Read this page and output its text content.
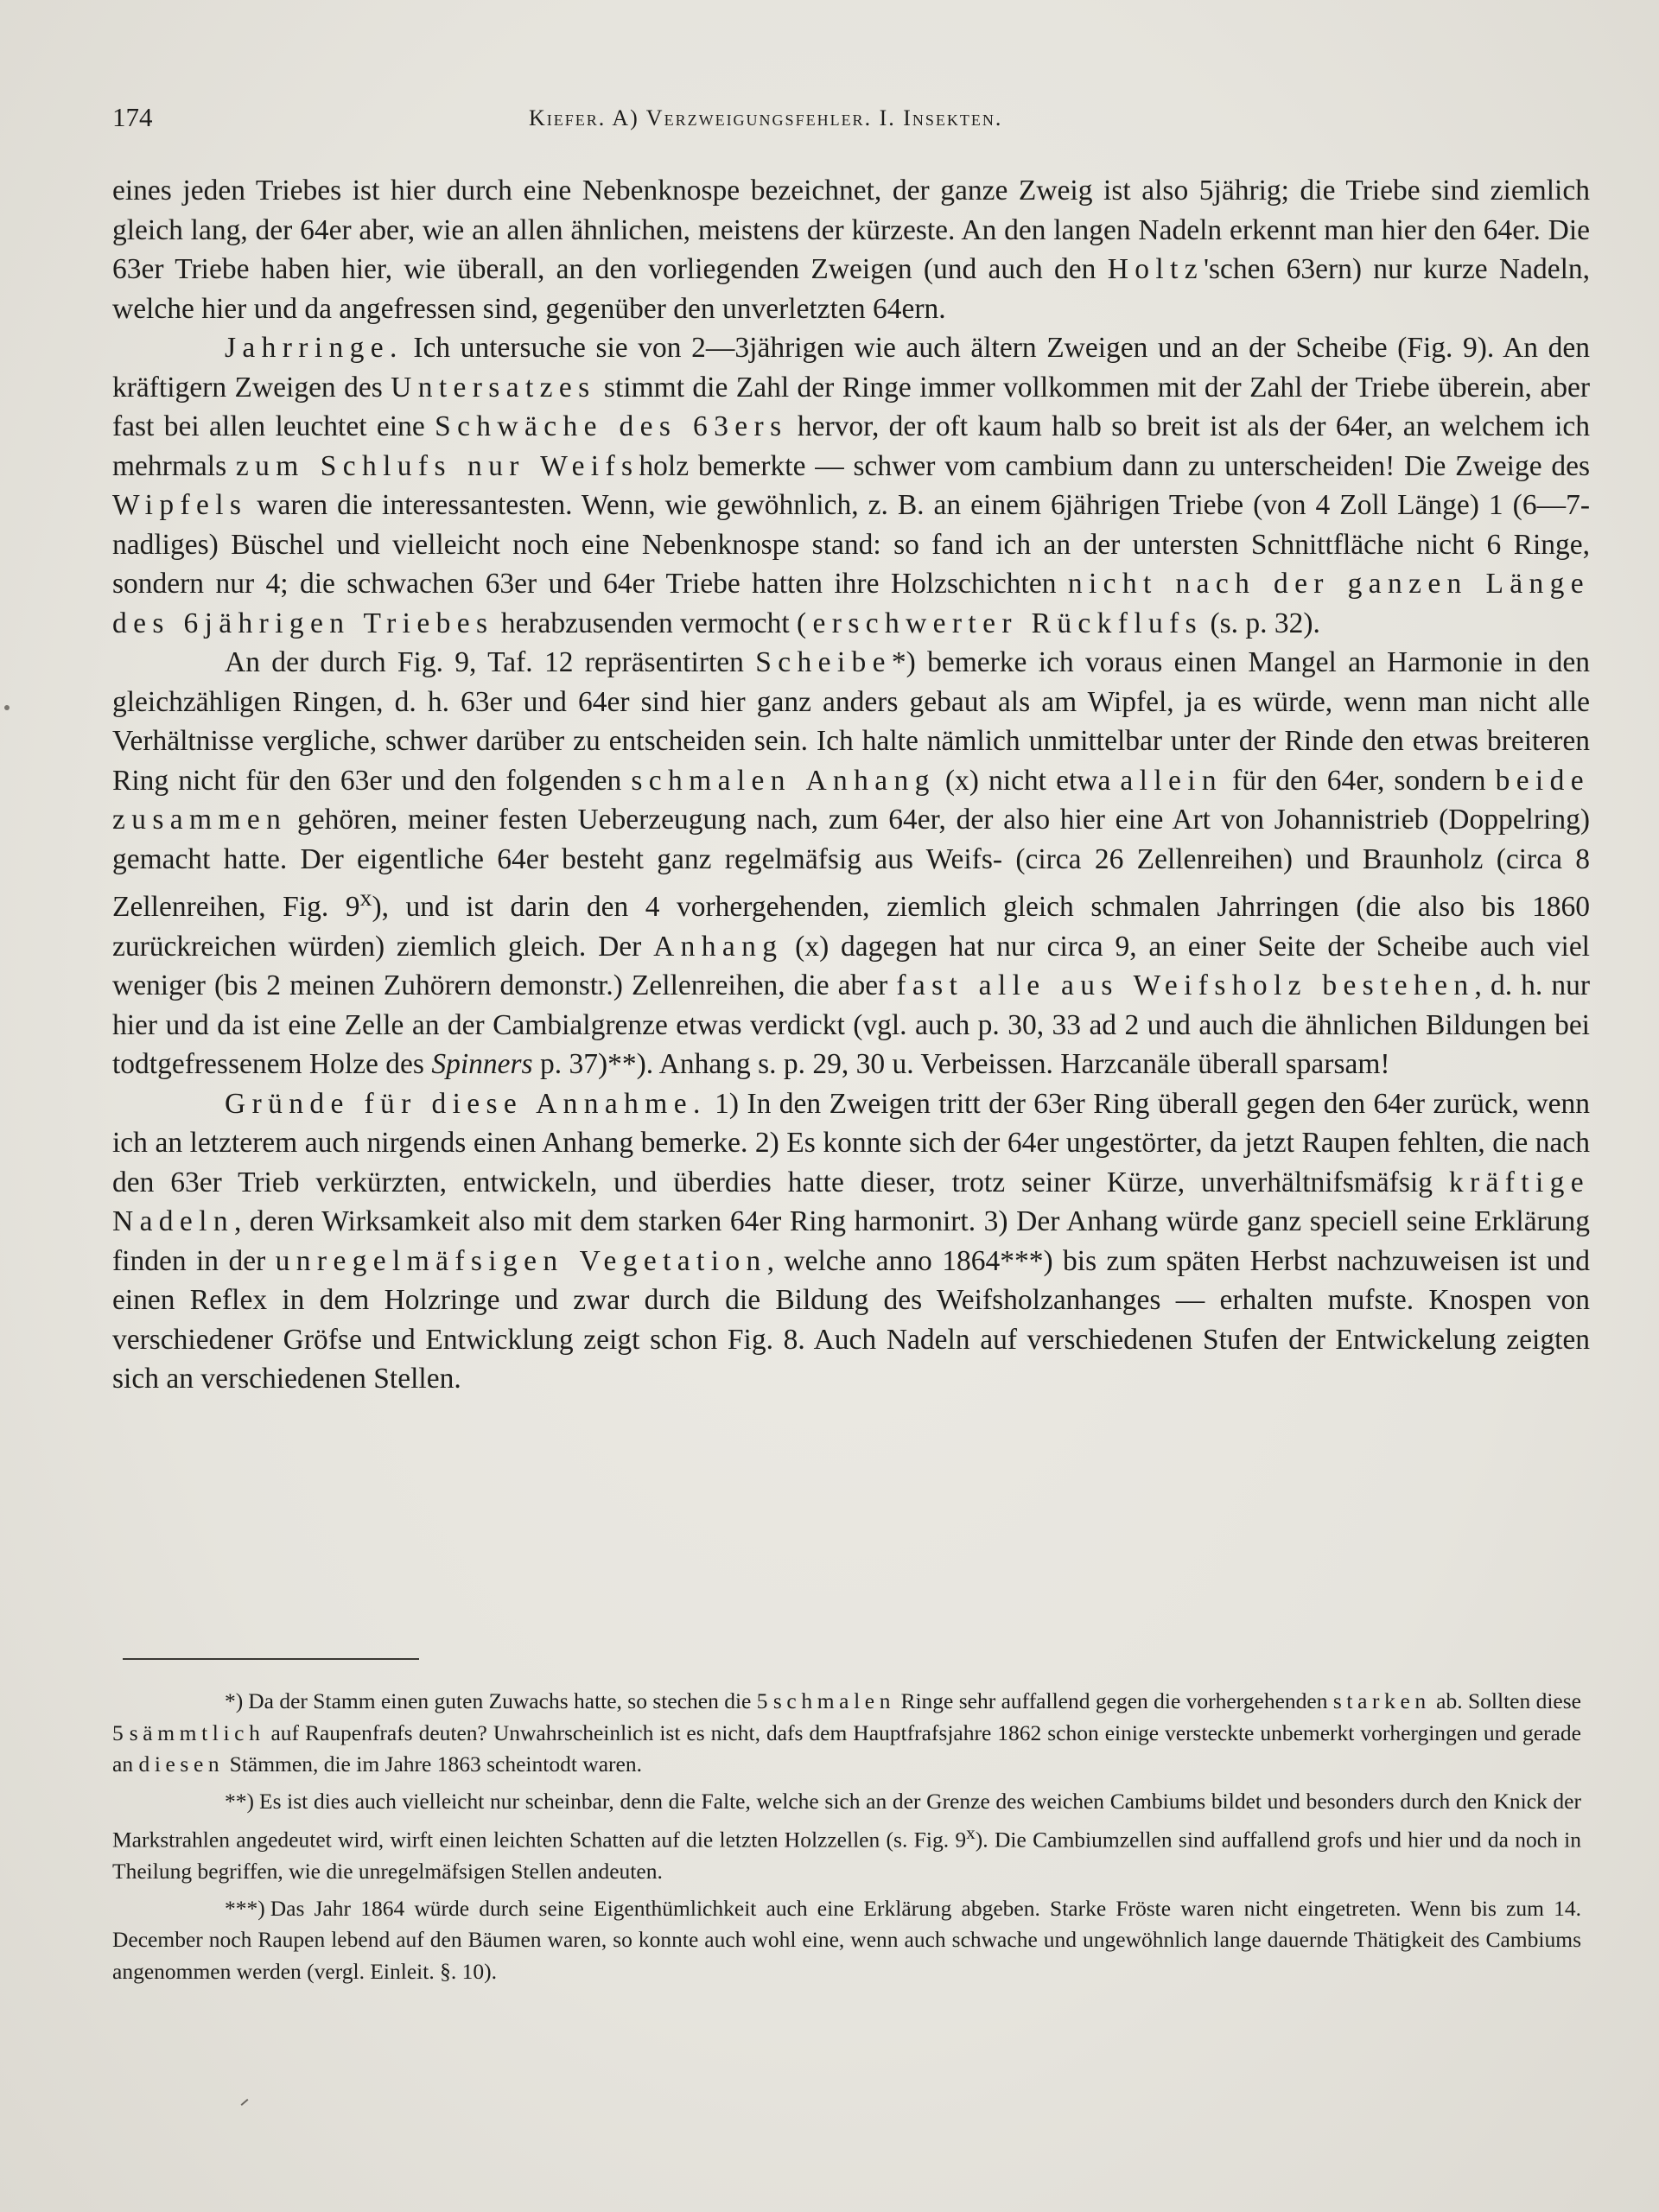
174	Kiefer. A) Verzweigungsfehler. I. Insekten.

eines jeden Triebes ist hier durch eine Nebenknospe bezeichnet, der ganze Zweig ist also 5jährig; die Triebe sind ziemlich gleich lang, der 64er aber, wie an allen ähnlichen, meistens der kürzeste. An den langen Nadeln erkennt man hier den 64er. Die 63er Triebe haben hier, wie überall, an den vorliegenden Zweigen (und auch den Holtz'schen 63ern) nur kurze Nadeln, welche hier und da angefressen sind, gegenüber den unverletzten 64ern.

Jahrringe. Ich untersuche sie von 2—3jährigen wie auch ältern Zweigen und an der Scheibe (Fig. 9). An den kräftigern Zweigen des Untersatzes stimmt die Zahl der Ringe immer vollkommen mit der Zahl der Triebe überein, aber fast bei allen leuchtet eine Schwäche des 63ers hervor, der oft kaum halb so breit ist als der 64er, an welchem ich mehrmals zum Schlufs nur Weifsholz bemerkte — schwer vom cambium dann zu unterscheiden! Die Zweige des Wipfels waren die interessantesten. Wenn, wie gewöhnlich, z. B. an einem 6jährigen Triebe (von 4 Zoll Länge) 1 (6—7nadliges) Büschel und vielleicht noch eine Nebenknospe stand: so fand ich an der untersten Schnittfläche nicht 6 Ringe, sondern nur 4; die schwachen 63er und 64er Triebe hatten ihre Holzschichten nicht nach der ganzen Länge des 6jährigen Triebes herabzusenden vermocht (erschwerter Rückflufs (s. p. 32).

An der durch Fig. 9, Taf. 12 repräsentirten Scheibe*) bemerke ich voraus einen Mangel an Harmonie in den gleichzähligen Ringen, d. h. 63er und 64er sind hier ganz anders gebaut als am Wipfel, ja es würde, wenn man nicht alle Verhältnisse vergliche, schwer darüber zu entscheiden sein. Ich halte nämlich unmittelbar unter der Rinde den etwas breiteren Ring nicht für den 63er und den folgenden schmalen Anhang (x) nicht etwa allein für den 64er, sondern beide zusammen gehören, meiner festen Ueberzeugung nach, zum 64er, der also hier eine Art von Johannistrieb (Doppelring) gemacht hatte. Der eigentliche 64er besteht ganz regelmäfsig aus Weifs- (circa 26 Zellenreihen) und Braunholz (circa 8 Zellenreihen, Fig. 9$^x$), und ist darin den 4 vorhergehenden, ziemlich gleich schmalen Jahrringen (die also bis 1860 zurückreichen würden) ziemlich gleich. Der Anhang (x) dagegen hat nur circa 9, an einer Seite der Scheibe auch viel weniger (bis 2 meinen Zuhörern demonstr.) Zellenreihen, die aber fast alle aus Weifsholz bestehen, d. h. nur hier und da ist eine Zelle an der Cambialgrenze etwas verdickt (vgl. auch p. 30, 33 ad 2 und auch die ähnlichen Bildungen bei todtgefressenem Holze des Spinners p. 37)**). Anhang s. p. 29, 30 u. Verbeissen. Harzcanäle überall sparsam!

Gründe für diese Annahme. 1) In den Zweigen tritt der 63er Ring überall gegen den 64er zurück, wenn ich an letzterem auch nirgends einen Anhang bemerke. 2) Es konnte sich der 64er ungestörter, da jetzt Raupen fehlten, die nach den 63er Trieb verkürzten, entwickeln, und überdies hatte dieser, trotz seiner Kürze, unverhältnifsmäfsig kräftige Nadeln, deren Wirksamkeit also mit dem starken 64er Ring harmonirt. 3) Der Anhang würde ganz speciell seine Erklärung finden in der unregelmäfsigen Vegetation, welche anno 1864***) bis zum späten Herbst nachzuweisen ist und einen Reflex in dem Holzringe und zwar durch die Bildung des Weifsholzanhanges — erhalten mufste. Knospen von verschiedener Gröfse und Entwicklung zeigt schon Fig. 8. Auch Nadeln auf verschiedenen Stufen der Entwickelung zeigten sich an verschiedenen Stellen.

*) Da der Stamm einen guten Zuwachs hatte, so stechen die 5 schmalen Ringe sehr auffallend gegen die vorhergehenden starken ab. Sollten diese 5 sämmtlich auf Raupenfrafs deuten? Unwahrscheinlich ist es nicht, dafs dem Hauptfrafsjahre 1862 schon einige versteckte unbemerkt vorhergingen und gerade an diesen Stämmen, die im Jahre 1863 scheintodt waren.

**) Es ist dies auch vielleicht nur scheinbar, denn die Falte, welche sich an der Grenze des weichen Cambiums bildet und besonders durch den Knick der Markstrahlen angedeutet wird, wirft einen leichten Schatten auf die letzten Holzzellen (s. Fig. 9$^x$). Die Cambiumzellen sind auffallend grofs und hier und da noch in Theilung begriffen, wie die unregelmäfsigen Stellen andeuten.

***) Das Jahr 1864 würde durch seine Eigenthümlichkeit auch eine Erklärung abgeben. Starke Fröste waren nicht eingetreten. Wenn bis zum 14. December noch Raupen lebend auf den Bäumen waren, so konnte auch wohl eine, wenn auch schwache und ungewöhnlich lange dauernde Thätigkeit des Cambiums angenommen werden (vergl. Einleit. §. 10).
